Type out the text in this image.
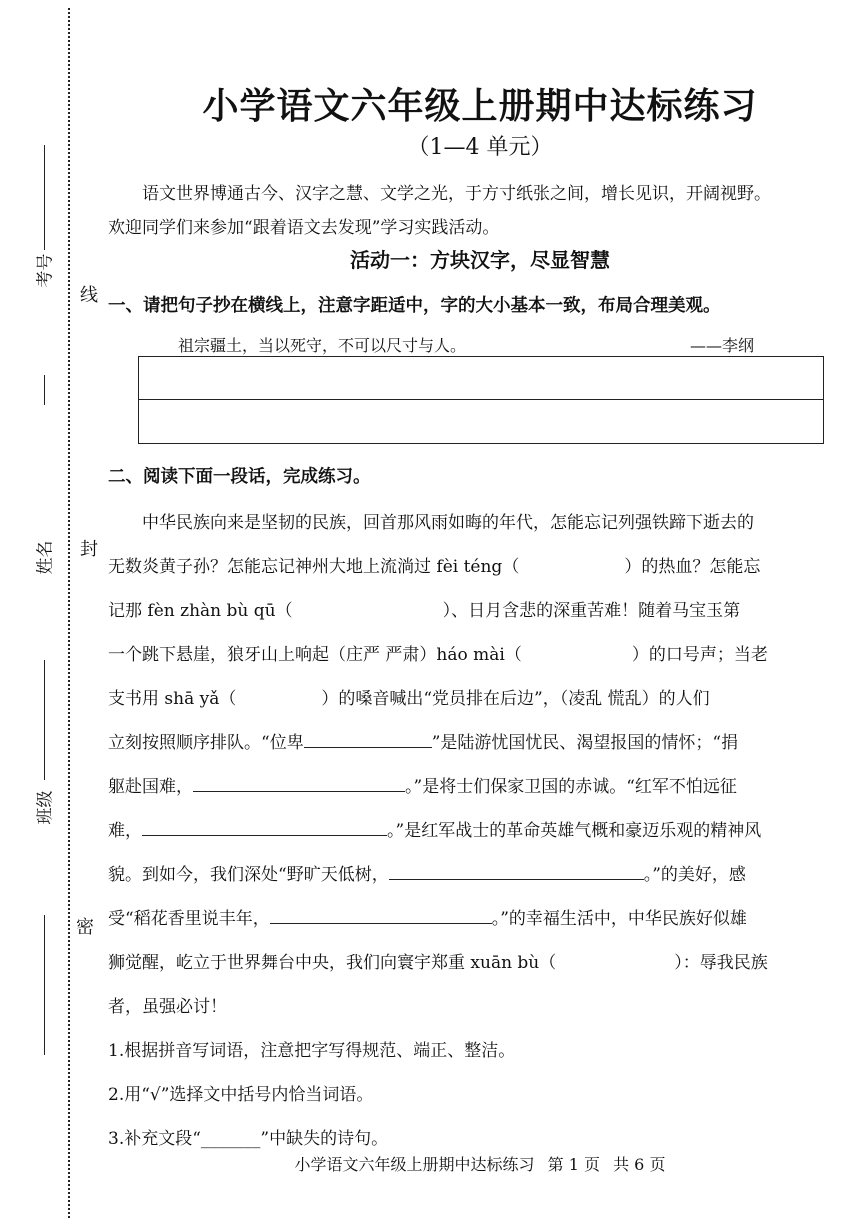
线
封
密
考号
姓名
班级
小学语文六年级上册期中达标练习
（1—4 单元）
语文世界博通古今、汉字之慧、文学之光，于方寸纸张之间，增长见识，开阔视野。
欢迎同学们来参加“跟着语文去发现”学习实践活动。
活动一：方块汉字，尽显智慧
一、请把句子抄在横线上，注意字距适中，字的大小基本一致，布局合理美观。
祖宗疆土，当以死守，不可以尺寸与人。	——李纲
二、阅读下面一段话，完成练习。
中华民族向来是坚韧的民族，回首那风雨如晦的年代，怎能忘记列强铁蹄下逝去的
无数炎黄子孙？怎能忘记神州大地上流淌过 fèi téng（	）的热血？怎能忘
记那 fèn zhàn bù qū（	）、日月含悲的深重苦难！随着马宝玉第
一个跳下悬崖，狼牙山上响起（庄严 严肃）háo mài（	）的口号声；当老
支书用 shā yǎ（	）的嗓音喊出“党员排在后边”，（凌乱 慌乱）的人们
立刻按照顺序排队。“位卑	”是陆游忧国忧民、渴望报国的情怀；“捐
躯赴国难，	。”是将士们保家卫国的赤诚。“红军不怕远征
难，	。”是红军战士的革命英雄气概和豪迈乐观的精神风
貌。到如今，我们深处“野旷天低树，	。”的美好，感
受“稻花香里说丰年，	。”的幸福生活中，中华民族好似雄
狮觉醒，屹立于世界舞台中央，我们向寰宇郑重 xuān bù（	）：辱我民族
者，虽强必讨！
1.根据拼音写词语，注意把字写得规范、端正、整洁。
2.用“√”选择文中括号内恰当词语。
3.补充文段“_______”中缺失的诗句。
小学语文六年级上册期中达标练习 第 1 页 共 6 页
